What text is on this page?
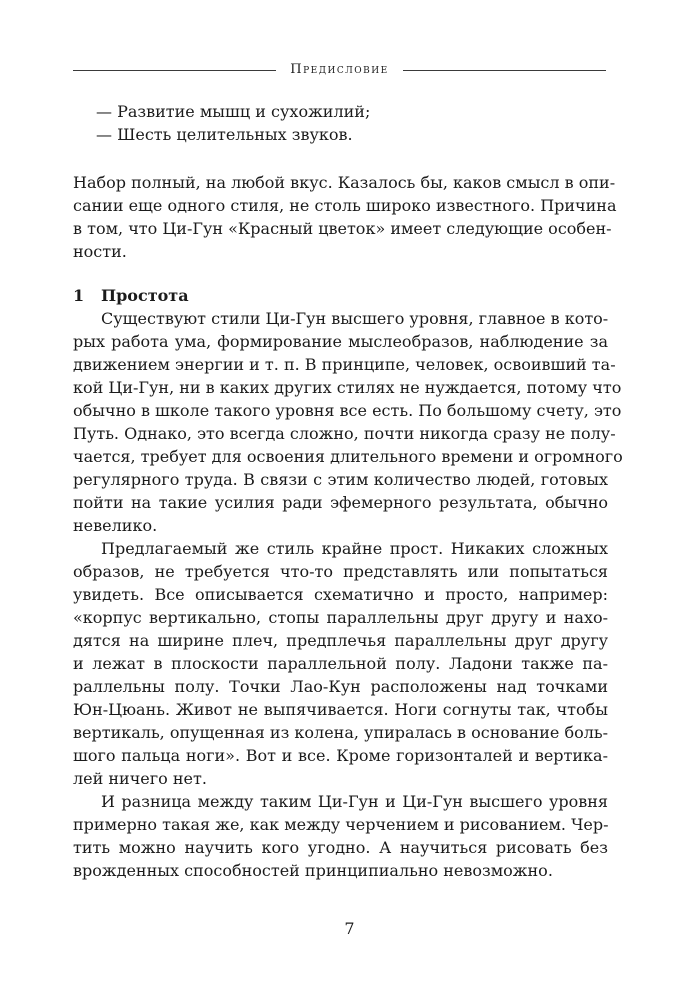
Предисловие
— Развитие мышц и сухожилий;
— Шесть целительных звуков.
Набор полный, на любой вкус. Казалось бы, каков смысл в опи-
сании еще одного стиля, не столь широко известного. Причина
в том, что Ци-Гун «Красный цветок» имеет следующие особен-
ности.
1 Простота
Существуют стили Ци-Гун высшего уровня, главное в кото-
рых работа ума, формирование мыслеобразов, наблюдение за
движением энергии и т. п. В принципе, человек, освоивший та-
кой Ци-Гун, ни в каких других стилях не нуждается, потому что
обычно в школе такого уровня все есть. По большому счету, это
Путь. Однако, это всегда сложно, почти никогда сразу не полу-
чается, требует для освоения длительного времени и огромного
регулярного труда. В связи с этим количество людей, готовых
пойти на такие усилия ради эфемерного результата, обычно
невелико.
Предлагаемый же стиль крайне прост. Никаких сложных
образов, не требуется что-то представлять или попытаться
увидеть. Все описывается схематично и просто, например:
«корпус вертикально, стопы параллельны друг другу и нахо-
дятся на ширине плеч, предплечья параллельны друг другу
и лежат в плоскости параллельной полу. Ладони также па-
раллельны полу. Точки Лао-Кун расположены над точками
Юн-Цюань. Живот не выпячивается. Ноги согнуты так, чтобы
вертикаль, опущенная из колена, упиралась в основание боль-
шого пальца ноги». Вот и все. Кроме горизонталей и вертика-
лей ничего нет.
И разница между таким Ци-Гун и Ци-Гун высшего уровня
примерно такая же, как между черчением и рисованием. Чер-
тить можно научить кого угодно. А научиться рисовать без
врожденных способностей принципиально невозможно.
7
